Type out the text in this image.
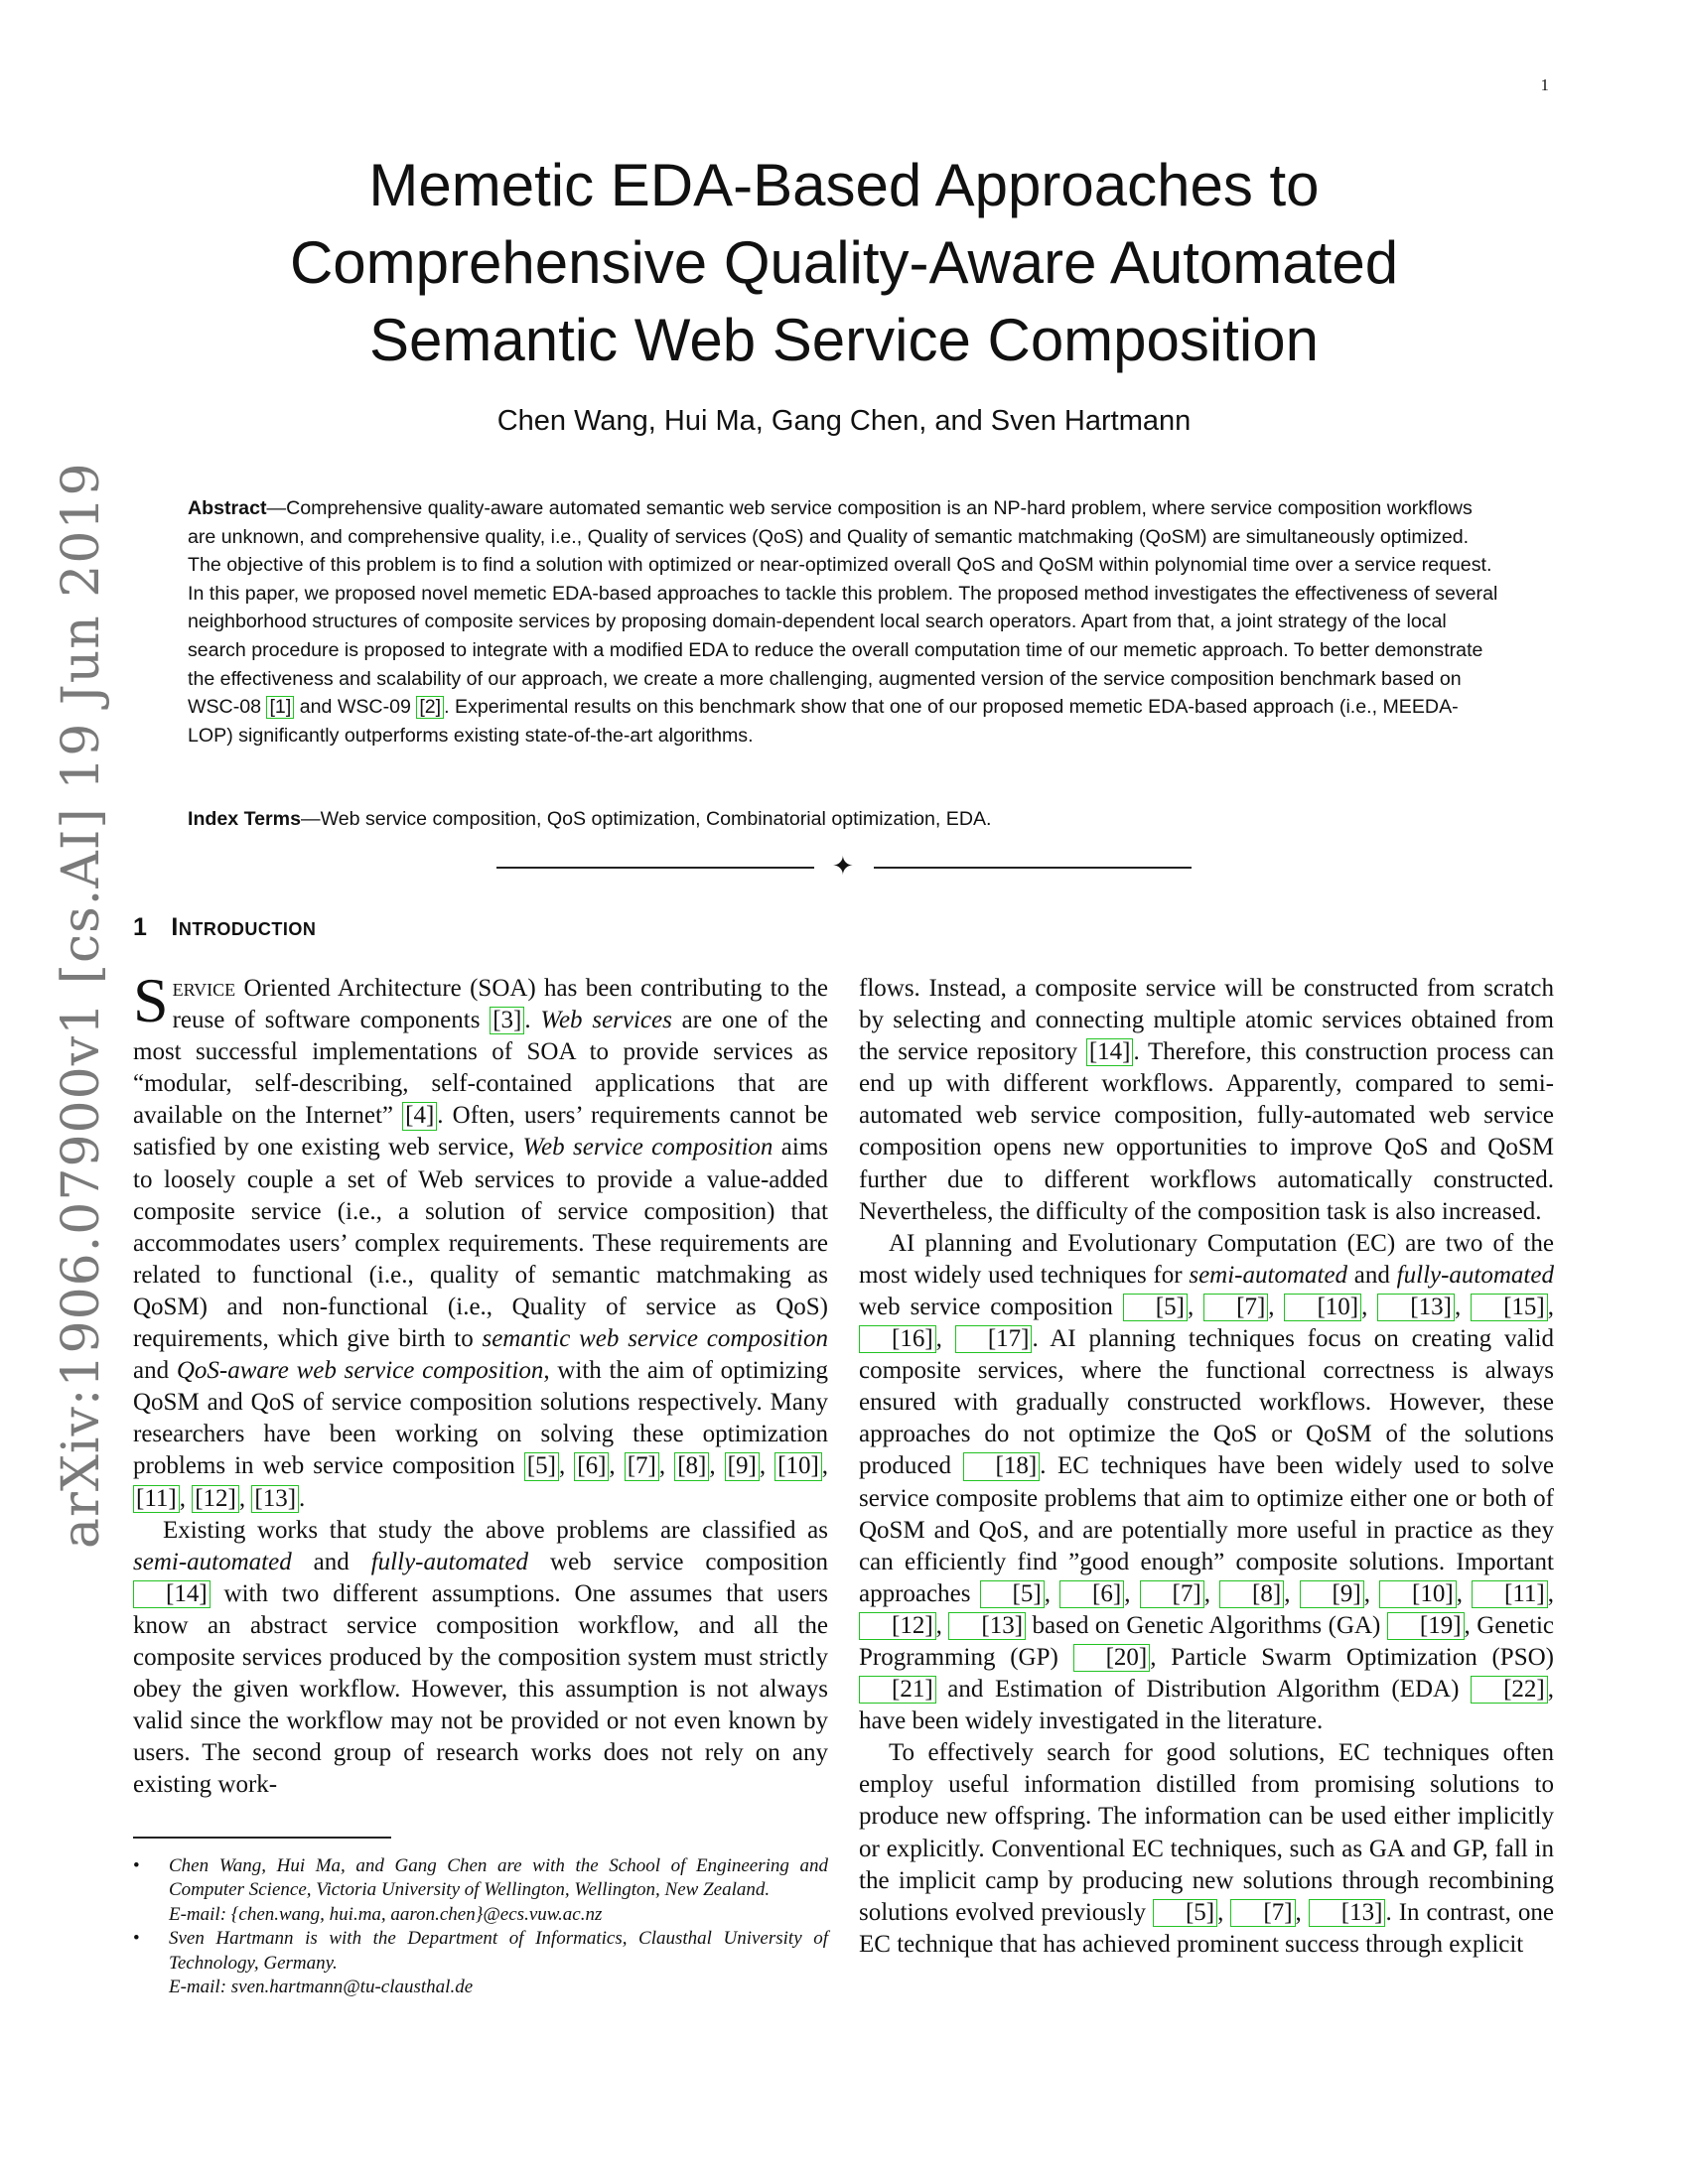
1
arXiv:1906.07900v1 [cs.AI] 19 Jun 2019
Memetic EDA-Based Approaches to Comprehensive Quality-Aware Automated Semantic Web Service Composition
Chen Wang, Hui Ma, Gang Chen, and Sven Hartmann
Abstract—Comprehensive quality-aware automated semantic web service composition is an NP-hard problem, where service composition workflows are unknown, and comprehensive quality, i.e., Quality of services (QoS) and Quality of semantic matchmaking (QoSM) are simultaneously optimized. The objective of this problem is to find a solution with optimized or near-optimized overall QoS and QoSM within polynomial time over a service request. In this paper, we proposed novel memetic EDA-based approaches to tackle this problem. The proposed method investigates the effectiveness of several neighborhood structures of composite services by proposing domain-dependent local search operators. Apart from that, a joint strategy of the local search procedure is proposed to integrate with a modified EDA to reduce the overall computation time of our memetic approach. To better demonstrate the effectiveness and scalability of our approach, we create a more challenging, augmented version of the service composition benchmark based on WSC-08 [1] and WSC-09 [2] . Experimental results on this benchmark show that one of our proposed memetic EDA-based approach (i.e., MEEDA-LOP) significantly outperforms existing state-of-the-art algorithms.
Index Terms—Web service composition, QoS optimization, Combinatorial optimization, EDA.
✦
1 Introduction

Service Oriented Architecture (SOA) has been contributing to the reuse of software components [3] . Web services are one of the most successful implementations of SOA to provide services as “modular, self-describing, self-contained applications that are available on the Internet” [4] . Often, users’ requirements cannot be satisfied by one existing web service, Web service composition aims to loosely couple a set of Web services to provide a value-added composite service (i.e., a solution of service composition) that accommodates users’ complex requirements. These requirements are related to functional (i.e., quality of semantic matchmaking as QoSM) and non-functional (i.e., Quality of service as QoS) requirements, which give birth to semantic web service composition and QoS-aware web service composition, with the aim of optimizing QoSM and QoS of service composition solutions respectively. Many researchers have been working on solving these optimization problems in web service composition [5] , [6] , [7] , [8] , [9] , [10] , [11] , [12] , [13] .

Existing works that study the above problems are classified as semi-automated and fully-automated web service composition [14] with two different assumptions. One assumes that users know an abstract service composition workflow, and all the composite services produced by the composition system must strictly obey the given workflow. However, this assumption is not always valid since the workflow may not be provided or not even known by users. The second group of research works does not rely on any existing work-

flows. Instead, a composite service will be constructed from scratch by selecting and connecting multiple atomic services obtained from the service repository [14] . Therefore, this construction process can end up with different workflows. Apparently, compared to semi-automated web service composition, fully-automated web service composition opens new opportunities to improve QoS and QoSM further due to different workflows automatically constructed. Nevertheless, the difficulty of the composition task is also increased.

AI planning and Evolutionary Computation (EC) are two of the most widely used techniques for semi-automated and fully-automated web service composition [5] , [7] , [10] , [13] , [15] , [16] , [17] . AI planning techniques focus on creating valid composite services, where the functional correctness is always ensured with gradually constructed workflows. However, these approaches do not optimize the QoS or QoSM of the solutions produced [18] . EC techniques have been widely used to solve service composite problems that aim to optimize either one or both of QoSM and QoS, and are potentially more useful in practice as they can efficiently find ”good enough” composite solutions. Important approaches [5] , [6] , [7] , [8] , [9] , [10] , [11] , [12] , [13] based on Genetic Algorithms (GA) [19] , Genetic Programming (GP) [20] , Particle Swarm Optimization (PSO) [21] and Estimation of Distribution Algorithm (EDA) [22] , have been widely investigated in the literature.

To effectively search for good solutions, EC techniques often employ useful information distilled from promising solutions to produce new offspring. The information can be used either implicitly or explicitly. Conventional EC techniques, such as GA and GP, fall in the implicit camp by producing new solutions through recombining solutions evolved previously [5] , [7] , [13] . In contrast, one EC technique that has achieved prominent success through explicit

• Chen Wang, Hui Ma, and Gang Chen are with the School of Engineering and Computer Science, Victoria University of Wellington, Wellington, New Zealand.

E-mail: {chen.wang, hui.ma, aaron.chen}@ecs.vuw.ac.nz

• Sven Hartmann is with the Department of Informatics, Clausthal University of Technology, Germany.

E-mail: sven.hartmann@tu-clausthal.de
